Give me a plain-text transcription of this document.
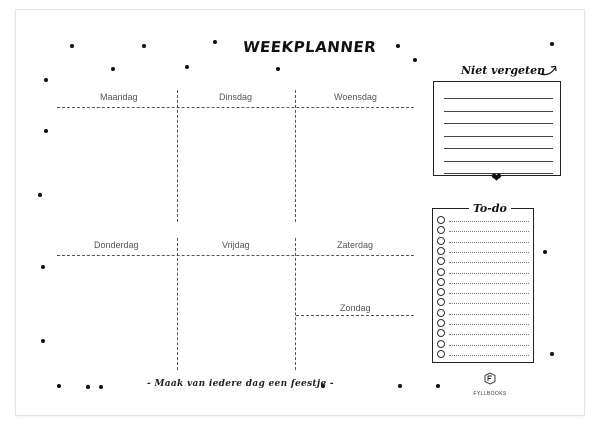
WEEKPLANNER
Maandag	Dinsdag	Woensdag
Donderdag	Vrijdag	Zaterdag
Zondag
- Maak van iedere dag een feestje -
Niet vergeten
❤
To-do
FYLLBOOKS
